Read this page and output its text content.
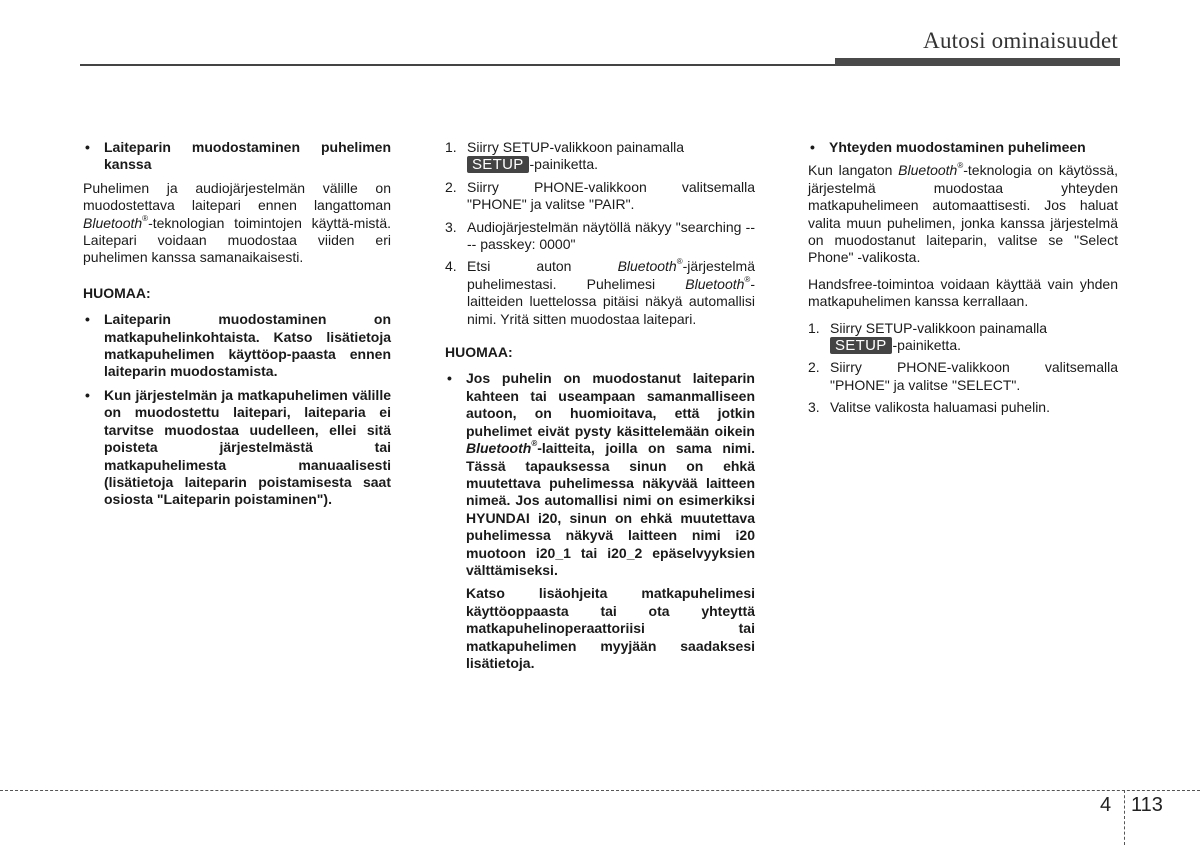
Autosi ominaisuudet
• Laiteparin muodostaminen puhelimen kanssa

Puhelimen ja audiojärjestelmän välille on muodostettava laitepari ennen langattoman Bluetooth®-teknologian toimintojen käyttä-mistä. Laitepari voidaan muodostaa viiden eri puhelimen kanssa samanaikaisesti.

HUOMAA:

• Laiteparin muodostaminen on matkapuhelinkohtaista. Katso lisätietoja matkapuhelimen käyttöop-paasta ennen laiteparin muodostamista.
• Kun järjestelmän ja matkapuhelimen välille on muodostettu laitepari, laiteparia ei tarvitse muodostaa uudelleen, ellei sitä poisteta järjestelmästä tai matkapuhelimesta manuaalisesti (lisätietoja laiteparin poistamisesta saat osiosta "Laiteparin poistaminen").
1. Siirry SETUP-valikkoon painamalla
SETUP -painiketta.
2. Siirry PHONE-valikkoon valitsemalla "PHONE" ja valitse "PAIR".
3. Audiojärjestelmän näytöllä näkyy "searching ---- passkey: 0000"
4. Etsi auton Bluetooth®-järjestelmä puhelimestasi. Puhelimesi Bluetooth®-laitteiden luettelossa pitäisi näkyä automallisi nimi. Yritä sitten muodostaa laitepari.

HUOMAA:

• Jos puhelin on muodostanut laiteparin kahteen tai useampaan samanmalliseen autoon, on huomioitava, että jotkin puhelimet eivät pysty käsittelemään oikein Bluetooth®-laitteita, joilla on sama nimi. Tässä tapauksessa sinun on ehkä muutettava puhelimessa näkyvää laitteen nimeä. Jos automallisi nimi on esimerkiksi HYUNDAI i20, sinun on ehkä muutettava puhelimessa näkyvä laitteen nimi i20 muotoon i20_1 tai i20_2 epäselvyyksien välttämiseksi.
Katso lisäohjeita matkapuhelimesi käyttöoppaasta tai ota yhteyttä matkapuhelinoperaattoriisi tai matkapuhelimen myyjään saadaksesi lisätietoja.
• Yhteyden muodostaminen puhelimeen

Kun langaton Bluetooth®-teknologia on käytössä, järjestelmä muodostaa yhteyden matkapuhelimeen automaattisesti. Jos haluat valita muun puhelimen, jonka kanssa järjestelmä on muodostanut laiteparin, valitse se "Select Phone" -valikosta.

Handsfree-toimintoa voidaan käyttää vain yhden matkapuhelimen kanssa kerrallaan.

1. Siirry SETUP-valikkoon painamalla
SETUP -painiketta.
2. Siirry PHONE-valikkoon valitsemalla "PHONE" ja valitse "SELECT".
3. Valitse valikosta haluamasi puhelin.
4 113
